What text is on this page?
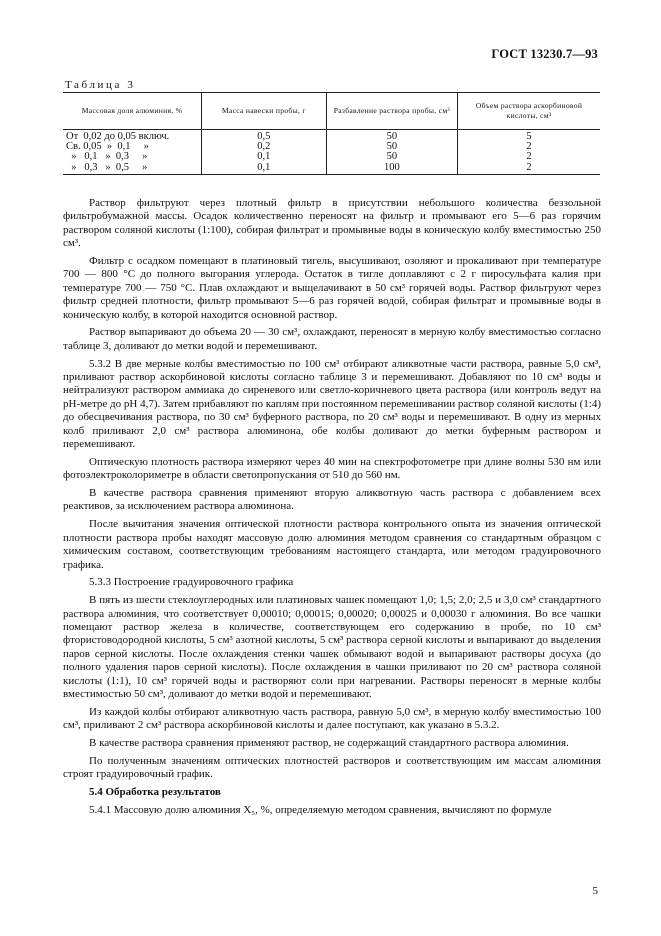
ГОСТ 13230.7—93
Таблица 3
Массовая доля алюминия, %	Масса навески пробы, г	Разбавление раствора пробы, см³	Объем раствора аскорбиновой кислоты, см³
От  0,02 до 0,05 включ.	0,5	50	5
Св. 0,05  »  0,1     »	0,2	50	2
»   0,1   »  0,3     »	0,1	50	2
»   0,3   »  0,5     »	0,1	100	2

Раствор фильтруют через плотный фильтр в присутствии небольшого количества беззольной фильтробумажной массы. Осадок количественно переносят на фильтр и промывают его 5—6 раз горячим раствором соляной кислоты (1:100), собирая фильтрат и промывные воды в коническую колбу вместимостью 250 см³.

Фильтр с осадком помещают в платиновый тигель, высушивают, озоляют и прокаливают при температуре 700 — 800 °С до полного выгорания углерода. Остаток в тигле доплавляют с 2 г пиросульфата калия при температуре 700 — 750 °С. Плав охлаждают и выщелачивают в 50 см³ горячей воды. Раствор фильтруют через фильтр средней плотности, фильтр промывают 5—6 раз горячей водой, собирая фильтрат и промывные воды в коническую колбу, в которой находится основной раствор.

Раствор выпаривают до объема 20 — 30 см³, охлаждают, переносят в мерную колбу вместимостью согласно таблице 3, доливают до метки водой и перемешивают.

5.3.2 В две мерные колбы вместимостью по 100 см³ отбирают аликвотные части раствора, равные 5,0 см³, приливают раствор аскорбиновой кислоты согласно таблице 3 и перемешивают. Добавляют по 10 см³ воды и нейтрализуют раствором аммиака до сиреневого или светло-коричневого цвета раствора (или контроль ведут на рН-метре до рН 4,7). Затем прибавляют по каплям при постоянном перемешивании раствор соляной кислоты (1:4) до обесцвечивания раствора, по 30 см³ буферного раствора, по 20 см³ воды и перемешивают. В одну из мерных колб приливают 2,0 см³ раствора алюминона, обе колбы доливают до метки буферным раствором и перемешивают.

Оптическую плотность раствора измеряют через 40 мин на спектрофотометре при длине волны 530 нм или фотоэлектроколориметре в области светопропускания от 510 до 560 нм.

В качестве раствора сравнения применяют вторую аликвотную часть раствора с добавлением всех реактивов, за исключением раствора алюминона.

После вычитания значения оптической плотности раствора контрольного опыта из значения оптической плотности раствора пробы находят массовую долю алюминия методом сравнения со стандартным образцом с химическим составом, соответствующим требованиям настоящего стандарта, или методом градуировочного графика.

5.3.3 Построение градуировочного графика

В пять из шести стеклоуглеродных или платиновых чашек помещают 1,0; 1,5; 2,0; 2,5 и 3,0 см³ стандартного раствора алюминия, что соответствует 0,00010; 0,00015; 0,00020; 0,00025 и 0,00030 г алюминия. Во все чашки помещают раствор железа в количестве, соответствующем его содержанию в пробе, по 10 см³ фтористоводородной кислоты, 5 см³ азотной кислоты, 5 см³ раствора серной кислоты и выпаривают до выделения паров серной кислоты. После охлаждения стенки чашек обмывают водой и выпаривают растворы досуха (до полного удаления паров серной кислоты). После охлаждения в чашки приливают по 20 см³ раствора соляной кислоты (1:1), 10 см³ горячей воды и растворяют соли при нагревании. Растворы переносят в мерные колбы вместимостью 50 см³, доливают до метки водой и перемешивают.

Из каждой колбы отбирают аликвотную часть раствора, равную 5,0 см³, в мерную колбу вместимостью 100 см³, приливают 2 см³ раствора аскорбиновой кислоты и далее поступают, как указано в 5.3.2.

В качестве раствора сравнения применяют раствор, не содержащий стандартного раствора алюминия.

По полученным значениям оптических плотностей растворов и соответствующим им массам алюминия строят градуировочный график.

5.4 Обработка результатов

5.4.1 Массовую долю алюминия X₅, %, определяемую методом сравнения, вычисляют по формуле

5
